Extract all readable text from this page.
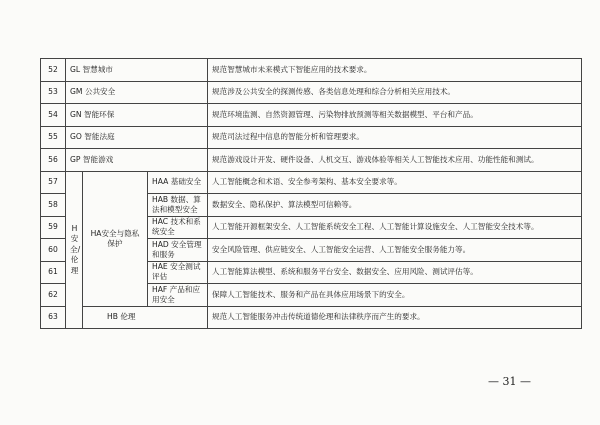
52	GL 智慧城市			规范智慧城市未来模式下智能应用的技术要求。
53	GM 公共安全			规范涉及公共安全的探测传感、各类信息处理和综合分析相关应用技术。
54	GN 智能环保			规范环境监测、自然资源管理、污染物排放预测等相关数据模型、平台和产品。
55	GO 智能法庭			规范司法过程中信息的智能分析和管理要求。
56	GP 智能游戏			规范游戏设计开发、硬件设备、人机交互、游戏体验等相关人工智能技术应用、功能性能和测试。
57	H安全/伦理	HA安全与隐私保护	HAA 基础安全	人工智能概念和术语、安全参考架构、基本安全要求等。
58			HAB 数据、算法和模型安全	数据安全、隐私保护、算法模型可信赖等。
59			HAC 技术和系统安全	人工智能开源框架安全、人工智能系统安全工程、人工智能计算设施安全、人工智能安全技术等。
60			HAD 安全管理和服务	安全风险管理、供应链安全、人工智能安全运营、人工智能安全服务能力等。
61			HAE 安全测试评估	人工智能算法模型、系统和服务平台安全、数据安全、应用风险、测试评估等。
62			HAF 产品和应用安全	保障人工智能技术、服务和产品在具体应用场景下的安全。
63		HB 伦理		规范人工智能服务冲击传统道德伦理和法律秩序而产生的要求。
— 31 —
